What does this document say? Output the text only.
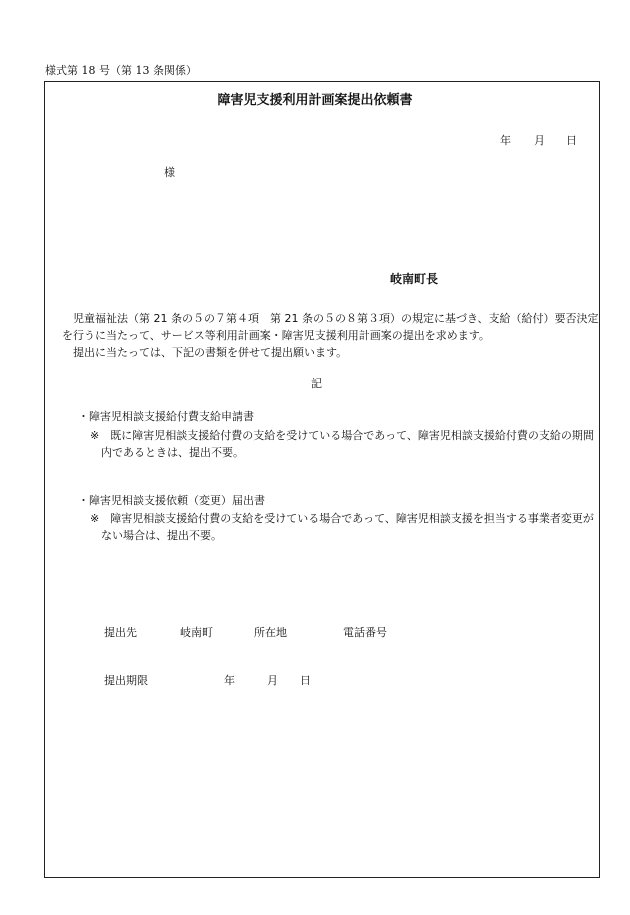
様式第 18 号（第 13 条関係）
障害児支援利用計画案提出依頼書
年 月 日
様
岐南町長
　児童福祉法（第 21 条の５の７第４項　第 21 条の５の８第３項）の規定に基づき、支給（給付）要否決定
を行うに当たって、サービス等利用計画案・障害児支援利用計画案の提出を求めます。
　提出に当たっては、下記の書類を併せて提出願います。
記
・障害児相談支援給付費支給申請書
※　既に障害児相談支援給付費の支給を受けている場合であって、障害児相談支援給付費の支給の期間
内であるときは、提出不要。
・障害児相談支援依頼（変更）届出書
※　障害児相談支援給付費の支給を受けている場合であって、障害児相談支援を担当する事業者変更が
ない場合は、提出不要。
提出先	岐南町	所在地	電話番号
提出期限	年	月 日
